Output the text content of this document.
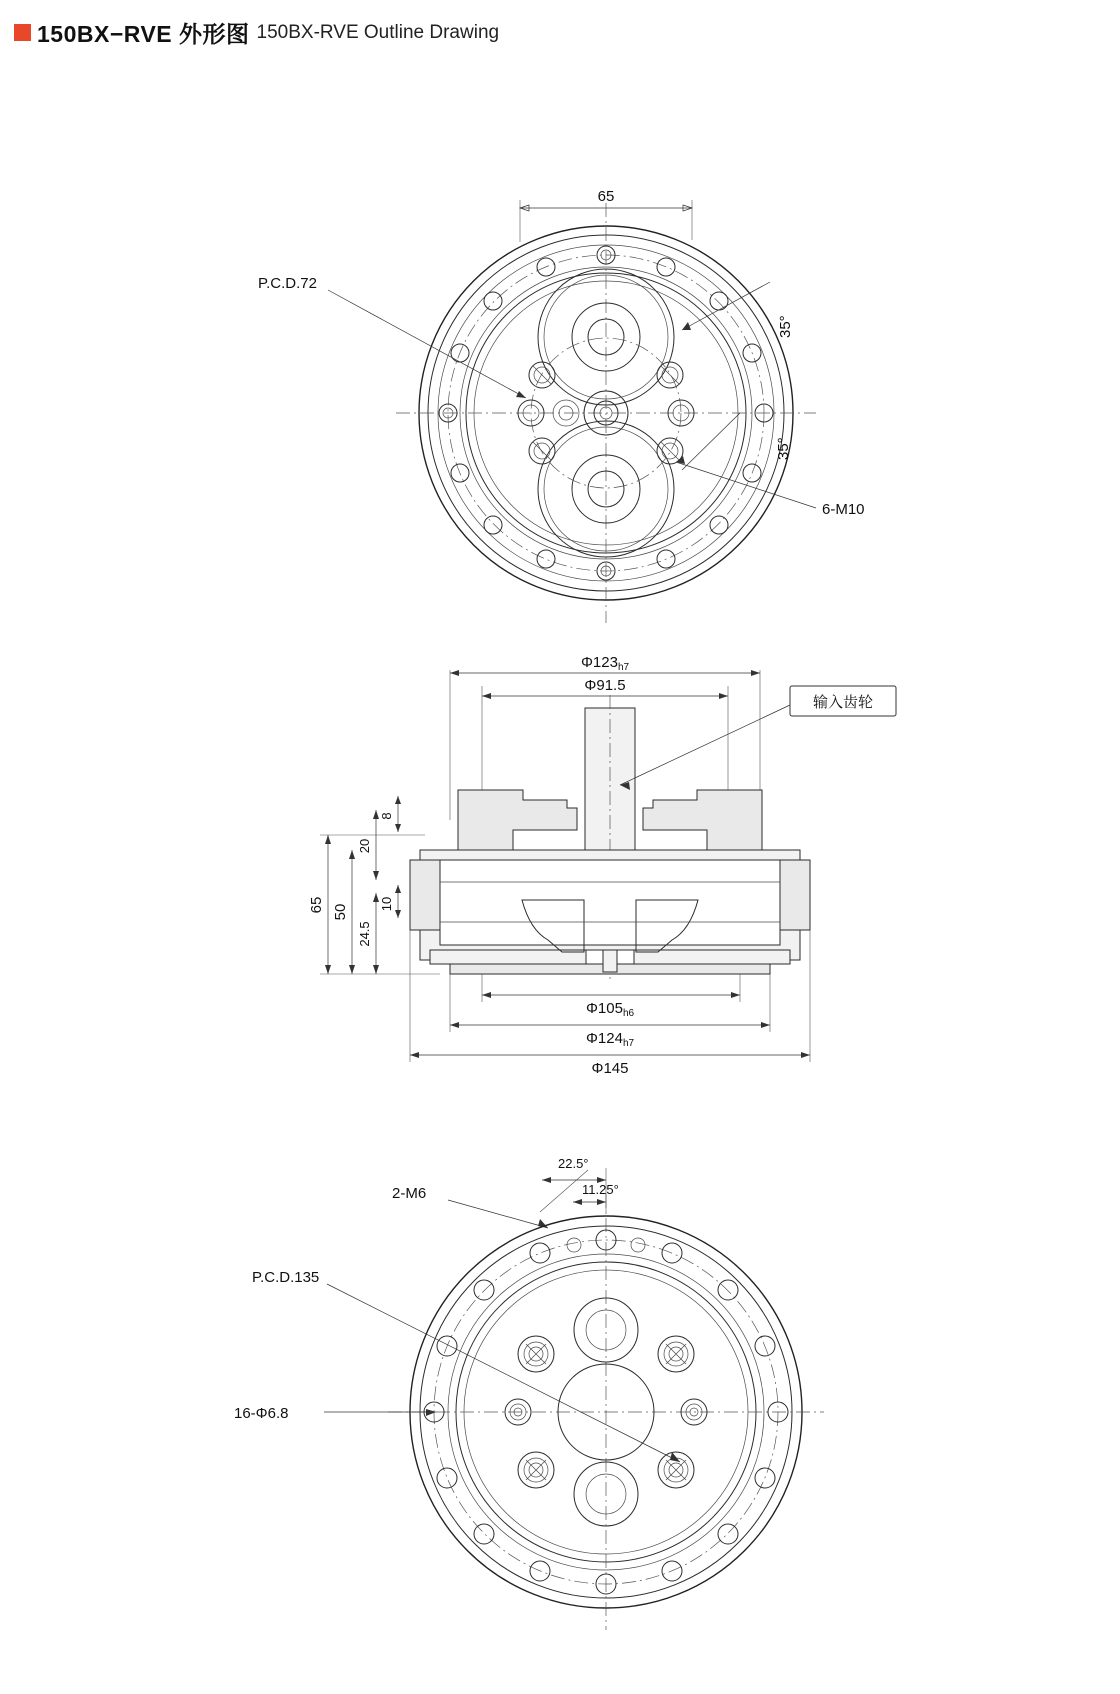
150BX−RVE 外形图 150BX-RVE Outline Drawing
65
P.C.D.72
35°
35°
6-M10
$\Phi 123_{h7}$
Φ91.5
输入齿轮
65 50
24.5
20
10
8
$\Phi 105_{h6}$
$\Phi 124_{h7}$
Φ145
22.5°
11.25°
2-M6
P.C.D.135
16-Φ6.8
